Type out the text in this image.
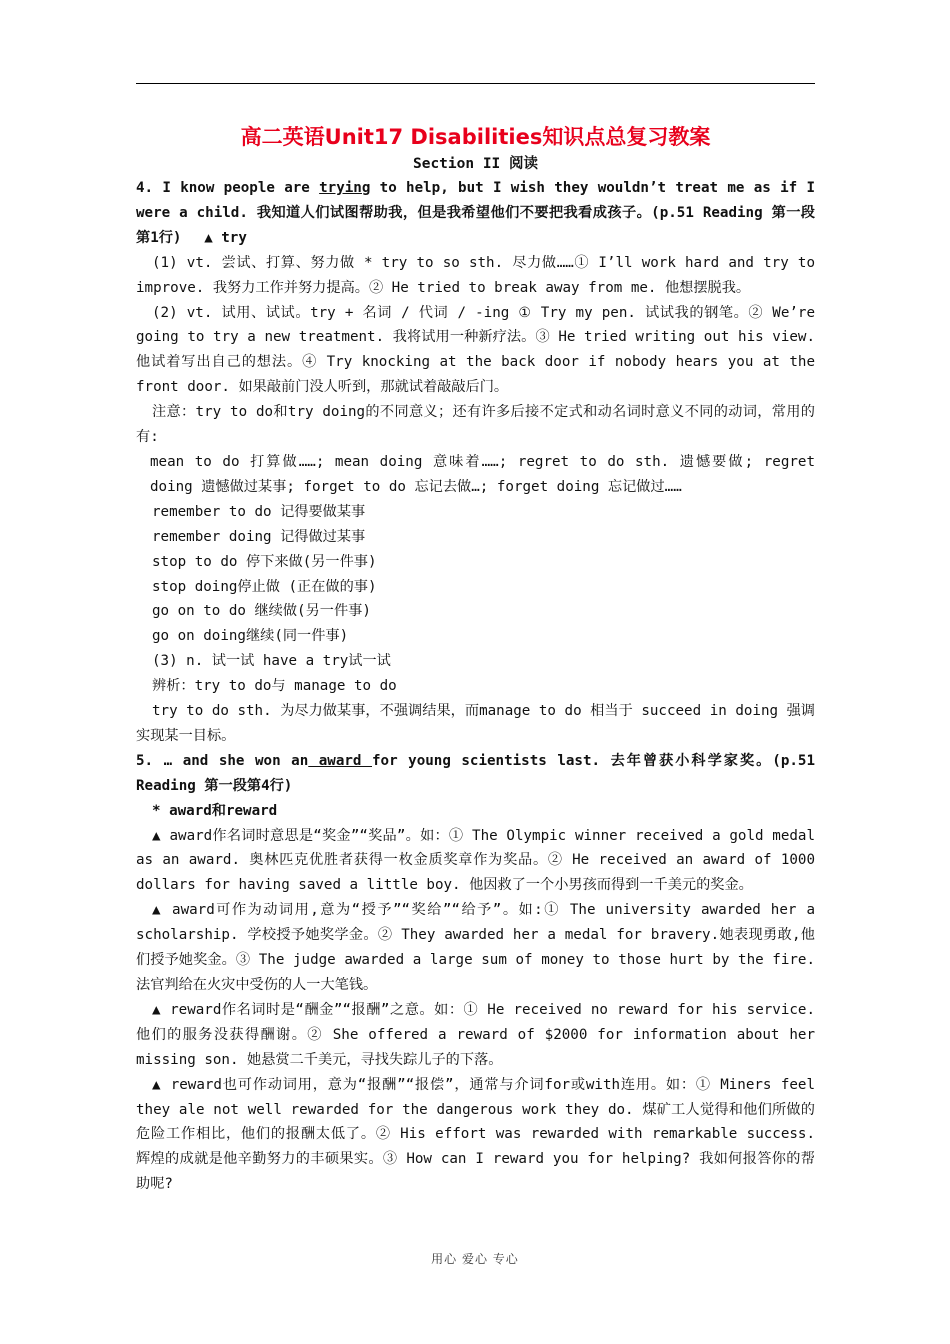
高二英语Unit17 Disabilities知识点总复习教案

Section II 阅读

4. I know people are trying to help, but I wish they wouldn’t treat me as if I were a child. 我知道人们试图帮助我，但是我希望他们不要把我看成孩子。(p.51 Reading 第一段 第1行)　 ▲ try

(1) vt. 尝试、打算、努力做 * try to so sth. 尽力做……① I’ll work hard and try to improve. 我努力工作并努力提高。② He tried to break away from me. 他想摆脱我。

(2) vt. 试用、试试。try + 名词 / 代词 / -ing ① Try my pen. 试试我的钢笔。② We’re going to try a new treatment. 我将试用一种新疗法。③ He tried writing out his view. 他试着写出自己的想法。④ Try knocking at the back door if nobody hears you at the front door. 如果敲前门没人听到，那就试着敲敲后门。

注意：try to do和try doing的不同意义；还有许多后接不定式和动名词时意义不同的动词，常用的有:

mean to do 打算做……; mean doing 意味着……; regret to do sth. 遗憾要做; regret doing 遗憾做过某事; forget to do 忘记去做…; forget doing 忘记做过……

remember to do 记得要做某事

remember doing 记得做过某事

stop to do 停下来做(另一件事)

stop doing停止做 (正在做的事)

go on to do 继续做(另一件事)

go on doing继续(同一件事)

(3) n. 试一试 have a try试一试

辨析：try to do与 manage to do

try to do sth. 为尽力做某事，不强调结果，而manage to do 相当于 succeed in doing 强调实现某一目标。

5. … and she won an award for young scientists last. 去年曾获小科学家奖。(p.51 Reading 第一段第4行)

* award和reward

▲ award作名词时意思是“奖金”“奖品”。如：① The Olympic winner received a gold medal as an award. 奥林匹克优胜者获得一枚金质奖章作为奖品。② He received an award of 1000 dollars for having saved a little boy. 他因救了一个小男孩而得到一千美元的奖金。

▲ award可作为动词用,意为“授予”“奖给”“给予”。如:① The university awarded her a scholarship. 学校授予她奖学金。② They awarded her a medal for bravery.她表现勇敢,他们授予她奖金。③ The judge awarded a large sum of money to those hurt by the fire. 法官判给在火灾中受伤的人一大笔钱。

▲ reward作名词时是“酬金”“报酬”之意。如：① He received no reward for his service. 他们的服务没获得酬谢。② She offered a reward of $2000 for information about her missing son. 她悬赏二千美元，寻找失踪儿子的下落。

▲ reward也可作动词用，意为“报酬”“报偿”，通常与介词for或with连用。如：① Miners feel they ale not well rewarded for the dangerous work they do. 煤矿工人觉得和他们所做的危险工作相比，他们的报酬太低了。② His effort was rewarded with remarkable success. 辉煌的成就是他辛勤努力的丰硕果实。③ How can I reward you for helping? 我如何报答你的帮助呢?

用心 爱心 专心
